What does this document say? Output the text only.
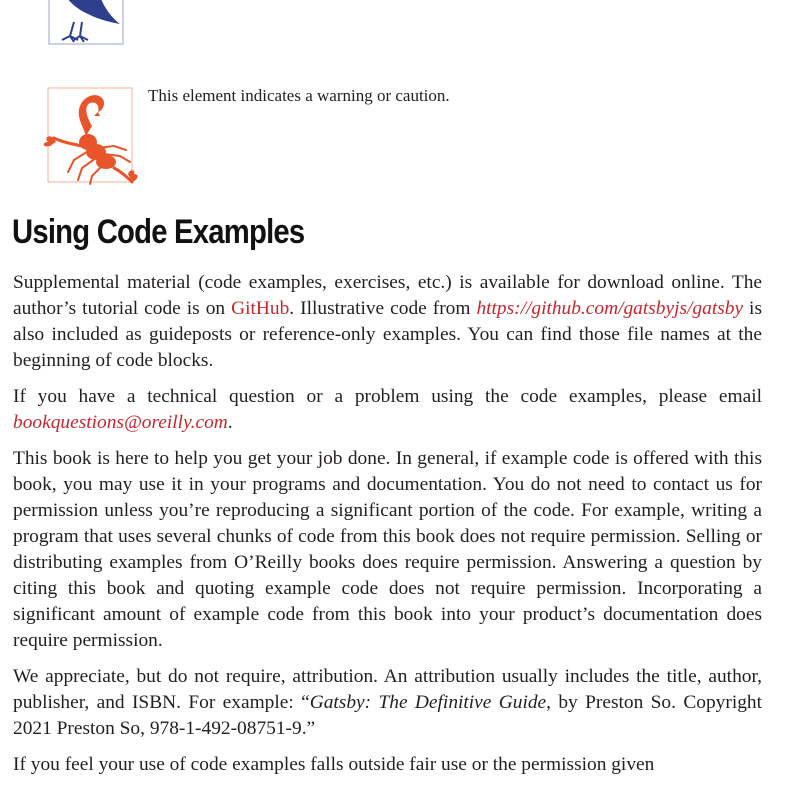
This element indicates a warning or caution.
Using Code Examples

Supplemental material (code examples, exercises, etc.) is available for download online. The author’s tutorial code is on GitHub. Illustrative code from https://github.com/gatsbyjs/gatsby is also included as guideposts or reference-only examples. You can find those file names at the beginning of code blocks.

If you have a technical question or a problem using the code examples, please email bookquestions@oreilly.com.

This book is here to help you get your job done. In general, if example code is offered with this book, you may use it in your programs and documentation. You do not need to contact us for permission unless you’re reproducing a significant portion of the code. For example, writing a program that uses several chunks of code from this book does not require permission. Selling or distributing examples from O’Reilly books does require permission. Answering a question by citing this book and quoting example code does not require permission. Incorporating a significant amount of example code from this book into your product’s documentation does require permission.

We appreciate, but do not require, attribution. An attribution usually includes the title, author, publisher, and ISBN. For example: “Gatsby: The Definitive Guide, by Preston So. Copyright 2021 Preston So, 978-1-492-08751-9.”

If you feel your use of code examples falls outside fair use or the permission given
